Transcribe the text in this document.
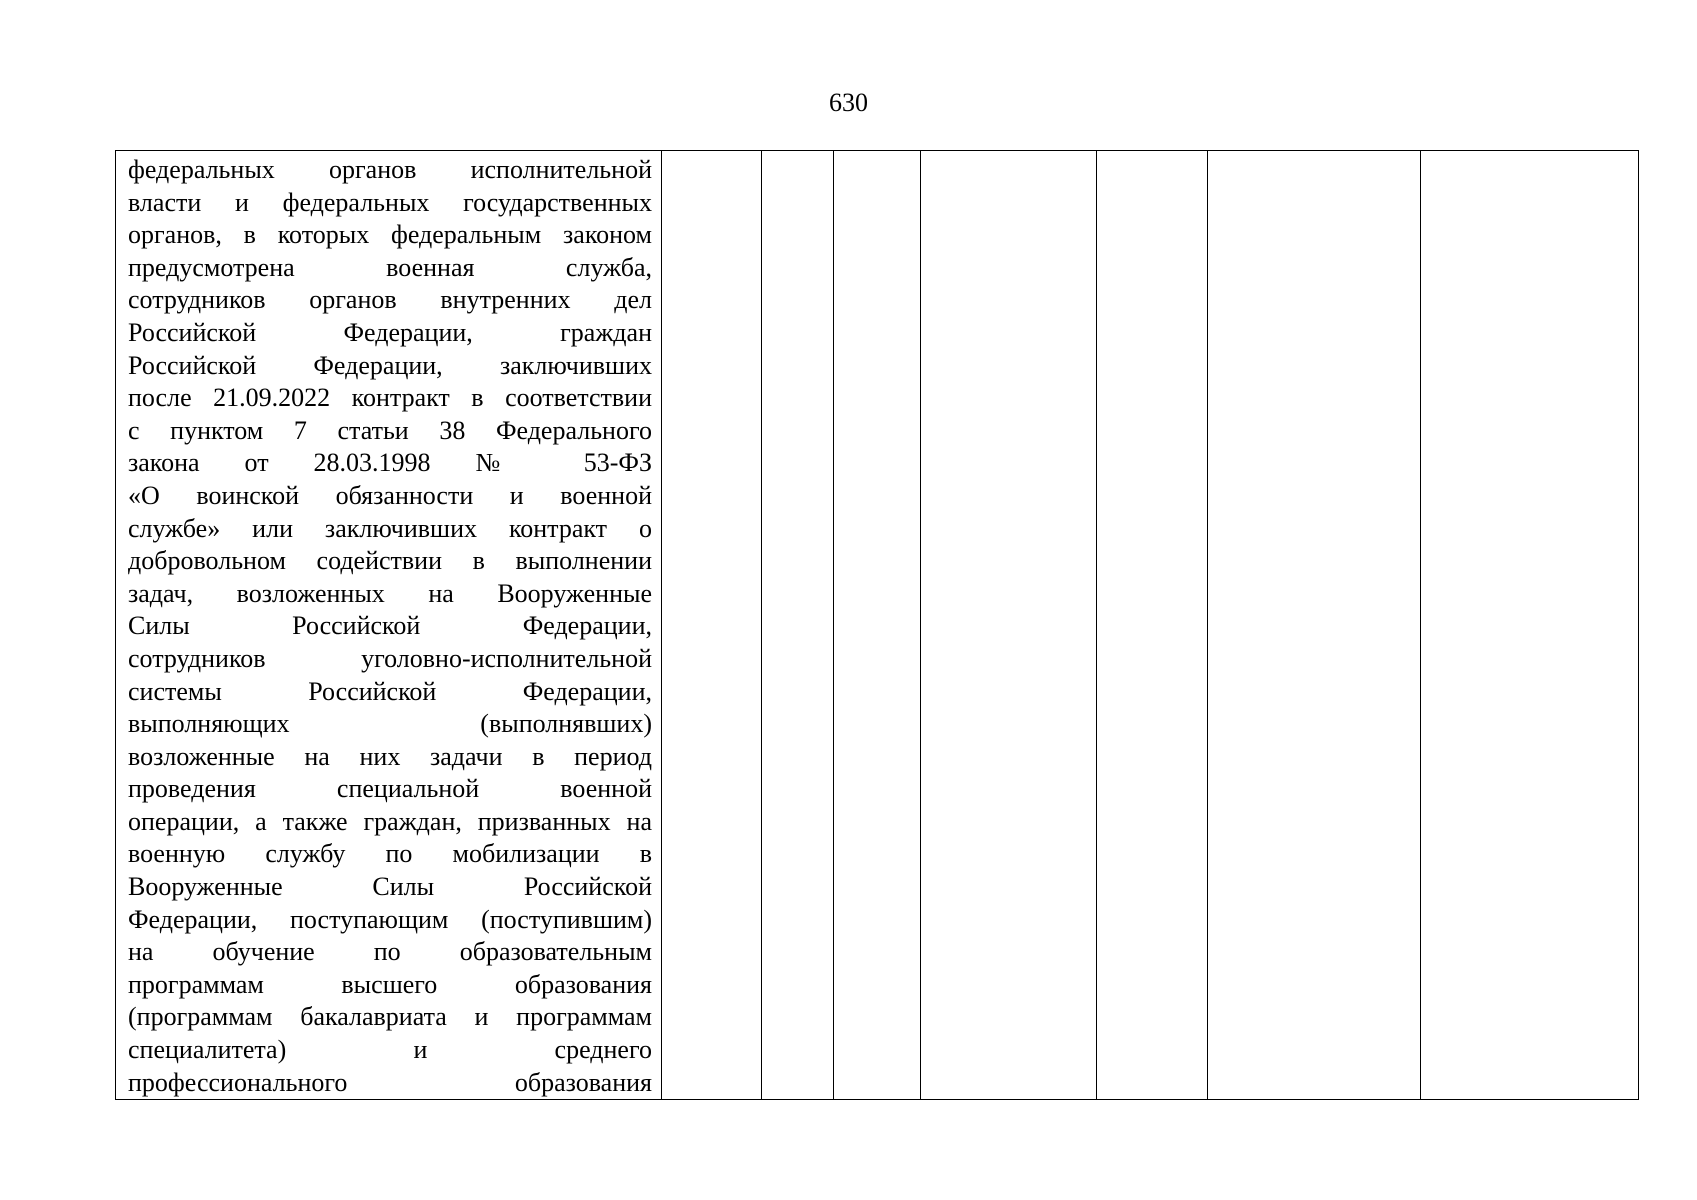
630
федеральных органов исполнительной
власти и федеральных государственных
органов, в которых федеральным законом
предусмотрена военная служба,
сотрудников органов внутренних дел
Российской Федерации, граждан
Российской Федерации, заключивших
после 21.09.2022 контракт в соответствии
с пунктом 7 статьи 38 Федерального
закона от 28.03.1998 № 53-ФЗ
«О воинской обязанности и военной
службе» или заключивших контракт о
добровольном содействии в выполнении
задач, возложенных на Вооруженные
Силы Российской Федерации,
сотрудников уголовно-исполнительной
системы Российской Федерации,
выполняющих (выполнявших)
возложенные на них задачи в период
проведения специальной военной
операции, а также граждан, призванных на
военную службу по мобилизации в
Вооруженные Силы Российской
Федерации, поступающим (поступившим)
на обучение по образовательным
программам высшего образования
(программам бакалавриата и программам
специалитета) и среднего
профессионального образования
